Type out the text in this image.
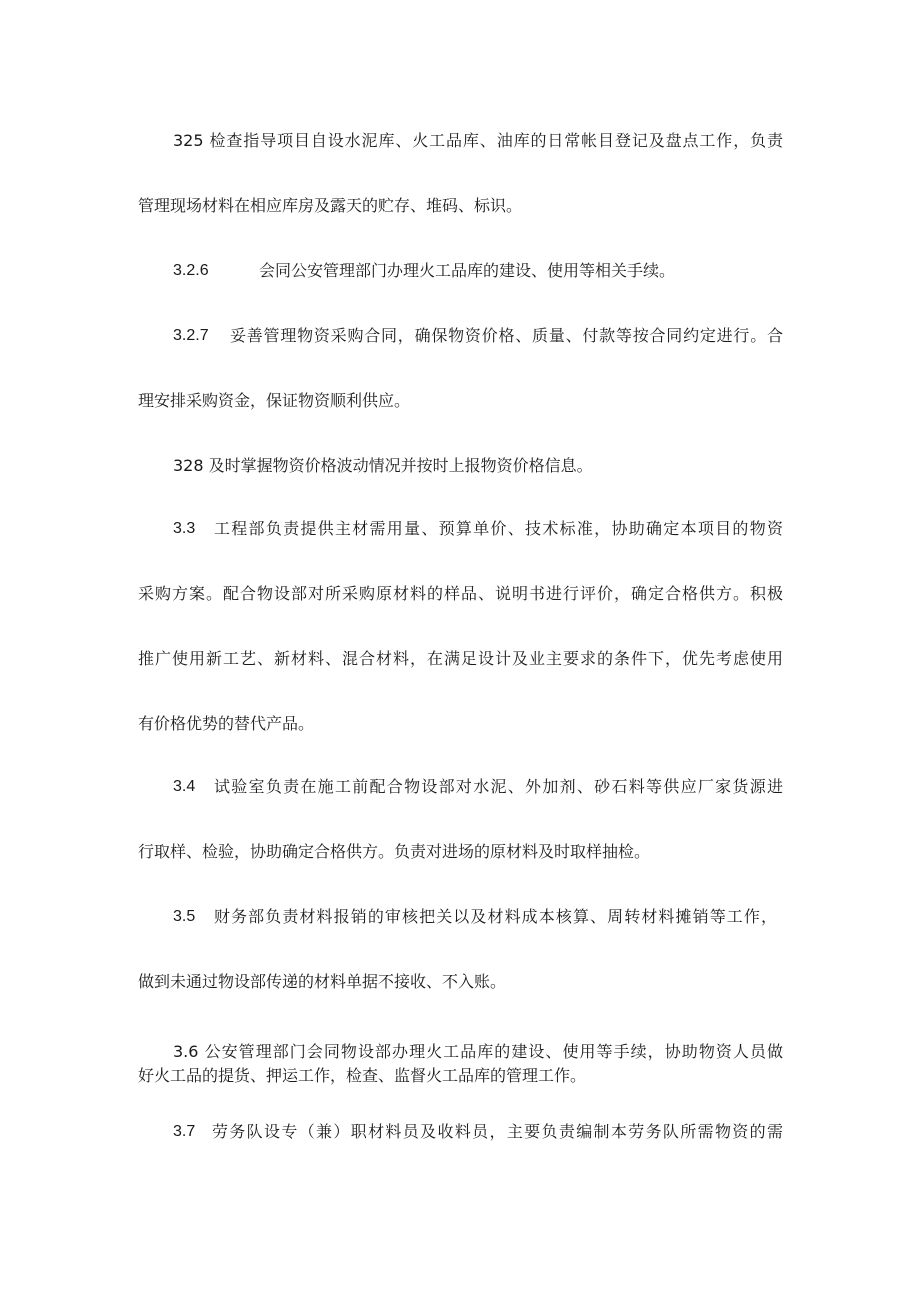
325 检查指导项目自设水泥库、火工品库、油库的日常帐目登记及盘点工作，负责

管理现场材料在相应库房及露天的贮存、堆码、标识。

3.2.6	会同公安管理部门办理火工品库的建设、使用等相关手续。

3.2.7 妥善管理物资采购合同，确保物资价格、质量、付款等按合同约定进行。合

理安排采购资金，保证物资顺利供应。

328 及时掌握物资价格波动情况并按时上报物资价格信息。

3.3 工程部负责提供主材需用量、预算单价、技术标准，协助确定本项目的物资

采购方案。配合物设部对所采购原材料的样品、说明书进行评价，确定合格供方。积极

推广使用新工艺、新材料、混合材料，在满足设计及业主要求的条件下，优先考虑使用

有价格优势的替代产品。

3.4 试验室负责在施工前配合物设部对水泥、外加剂、砂石料等供应厂家货源进

行取样、检验，协助确定合格供方。负责对进场的原材料及时取样抽检。

3.5 财务部负责材料报销的审核把关以及材料成本核算、周转材料摊销等工作，

做到未通过物设部传递的材料单据不接收、不入账。

3.6 公安管理部门会同物设部办理火工品库的建设、使用等手续，协助物资人员做

好火工品的提货、押运工作，检查、监督火工品库的管理工作。

3.7 劳务队设专（兼）职材料员及收料员，主要负责编制本劳务队所需物资的需
